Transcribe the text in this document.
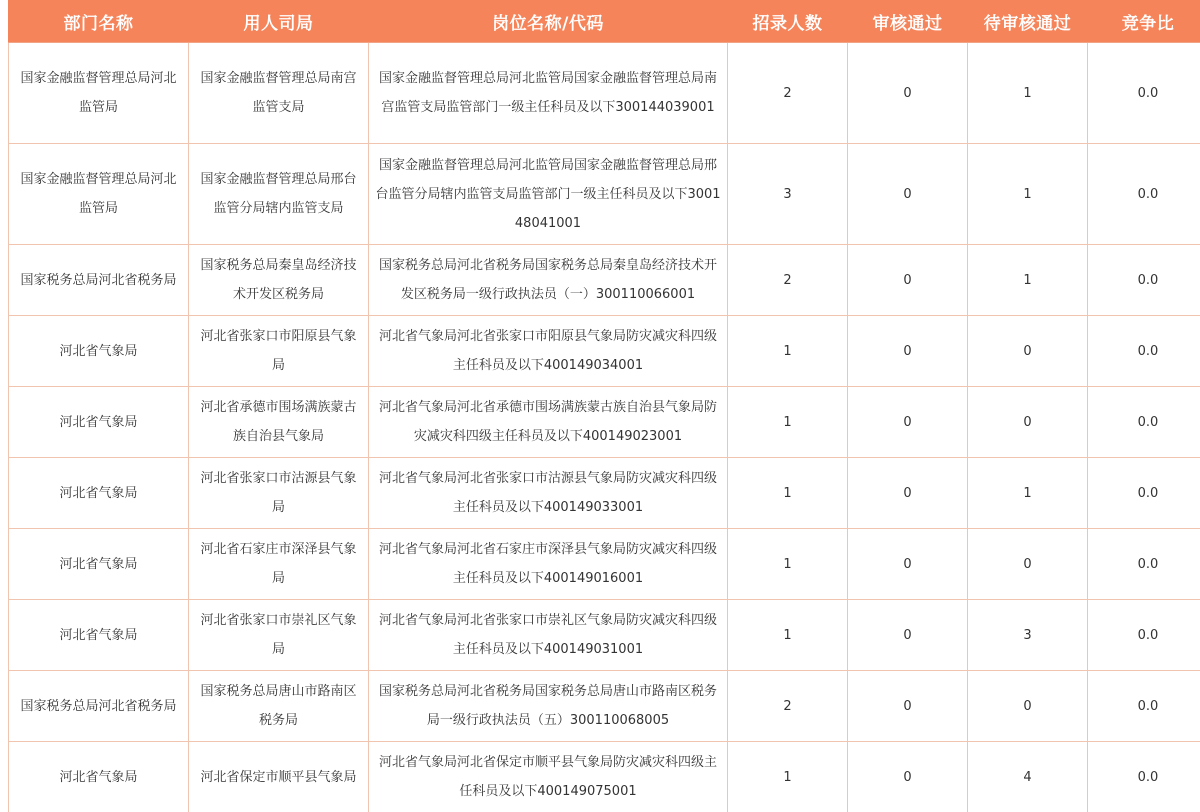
部门名称	用人司局	岗位名称/代码	招录人数	审核通过	待审核通过	竞争比
国家金融监督管理总局河北监管局	国家金融监督管理总局南宫监管支局	国家金融监督管理总局河北监管局国家金融监督管理总局南宫监管支局监管部门一级主任科员及以下300144039001	2	0	1	0.0
国家金融监督管理总局河北监管局	国家金融监督管理总局邢台监管分局辖内监管支局	国家金融监督管理总局河北监管局国家金融监督管理总局邢台监管分局辖内监管支局监管部门一级主任科员及以下300148041001	3	0	1	0.0
国家税务总局河北省税务局	国家税务总局秦皇岛经济技术开发区税务局	国家税务总局河北省税务局国家税务总局秦皇岛经济技术开发区税务局一级行政执法员（一）300110066001	2	0	1	0.0
河北省气象局	河北省张家口市阳原县气象局	河北省气象局河北省张家口市阳原县气象局防灾减灾科四级主任科员及以下400149034001	1	0	0	0.0
河北省气象局	河北省承德市围场满族蒙古族自治县气象局	河北省气象局河北省承德市围场满族蒙古族自治县气象局防灾减灾科四级主任科员及以下400149023001	1	0	0	0.0
河北省气象局	河北省张家口市沽源县气象局	河北省气象局河北省张家口市沽源县气象局防灾减灾科四级主任科员及以下400149033001	1	0	1	0.0
河北省气象局	河北省石家庄市深泽县气象局	河北省气象局河北省石家庄市深泽县气象局防灾减灾科四级主任科员及以下400149016001	1	0	0	0.0
河北省气象局	河北省张家口市崇礼区气象局	河北省气象局河北省张家口市崇礼区气象局防灾减灾科四级主任科员及以下400149031001	1	0	3	0.0
国家税务总局河北省税务局	国家税务总局唐山市路南区税务局	国家税务总局河北省税务局国家税务总局唐山市路南区税务局一级行政执法员（五）300110068005	2	0	0	0.0
河北省气象局	河北省保定市顺平县气象局	河北省气象局河北省保定市顺平县气象局防灾减灾科四级主任科员及以下400149075001	1	0	4	0.0
